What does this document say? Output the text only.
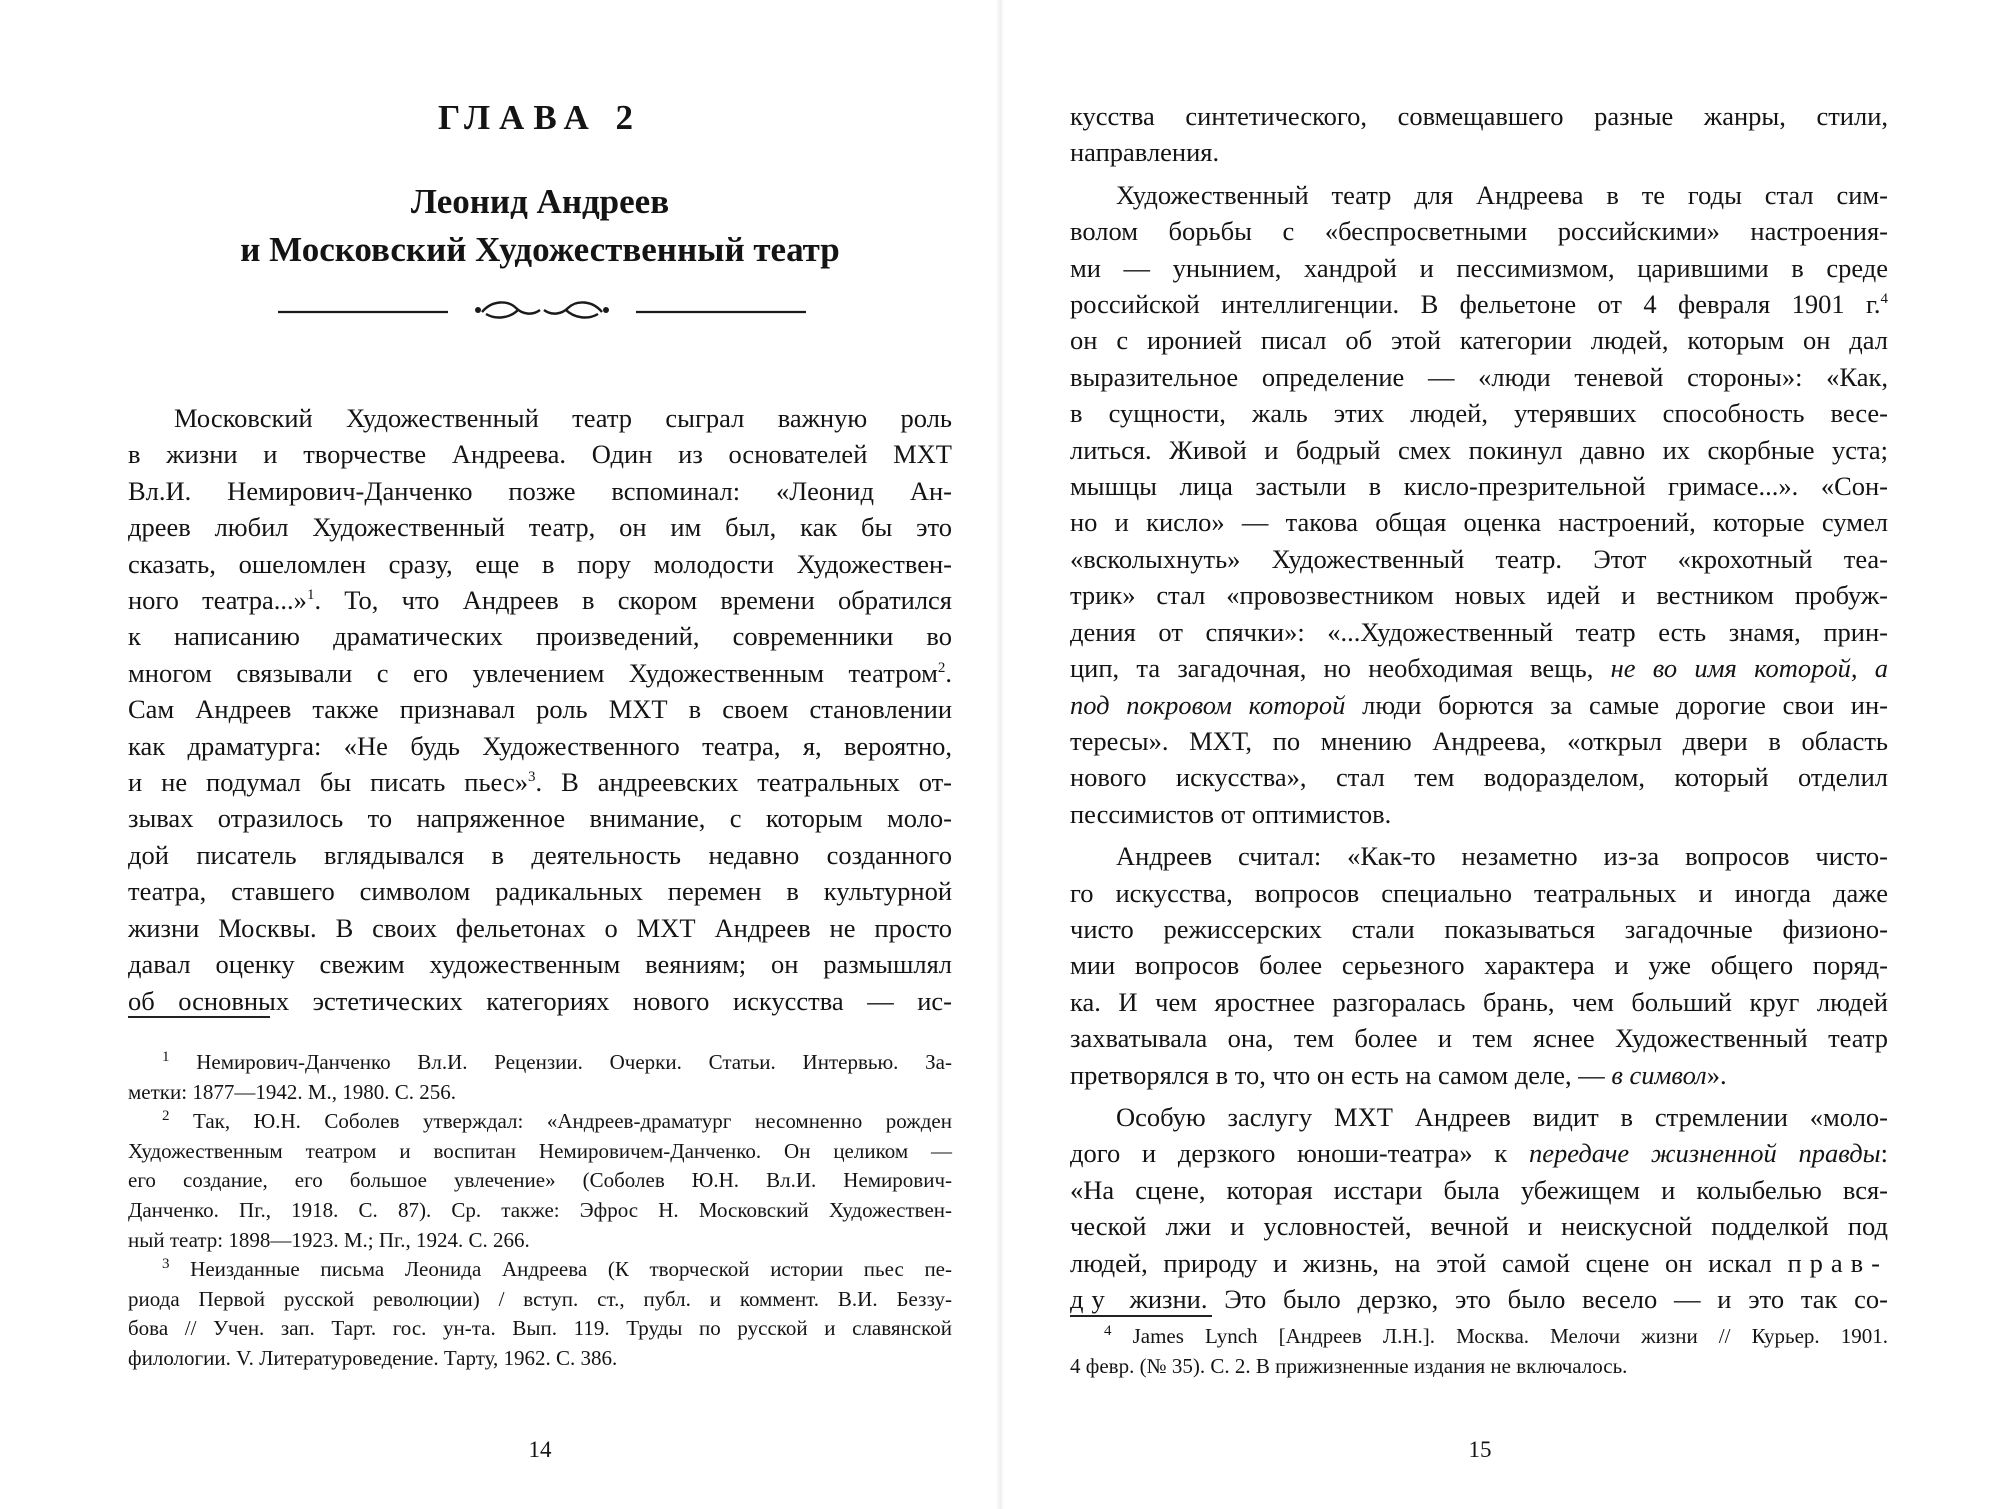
ГЛАВА 2
Леонид Андреев
и Московский Художественный театр

Московский Художественный театр сыграл важную роль

в жизни и творчестве Андреева. Один из основателей МХТ

Вл.И. Немирович-Данченко позже вспоминал: «Леонид Ан-

дреев любил Художественный театр, он им был, как бы это

сказать, ошеломлен сразу, еще в пору молодости Художествен-

ного театра...»$^1$. То, что Андреев в скором времени обратился

к написанию драматических произведений, современники во

многом связывали с его увлечением Художественным театром$^2$.

Сам Андреев также признавал роль МХТ в своем становлении

как драматурга: «Не будь Художественного театра, я, вероятно,

и не подумал бы писать пьес»$^3$. В андреевских театральных от-

зывах отразилось то напряженное внимание, с которым моло-

дой писатель вглядывался в деятельность недавно созданного

театра, ставшего символом радикальных перемен в культурной

жизни Москвы. В своих фельетонах о МХТ Андреев не просто

давал оценку свежим художественным веяниям; он размышлял

об основных эстетических категориях нового искусства — ис-

$^1$ Немирович-Данченко Вл.И. Рецензии. Очерки. Статьи. Интервью. За-

метки: 1877—1942. М., 1980. С. 256.

$^2$ Так, Ю.Н. Соболев утверждал: «Андреев-драматург несомненно рожден

Художественным театром и воспитан Немировичем-Данченко. Он целиком —

его создание, его большое увлечение» (Соболев Ю.Н. Вл.И. Немирович-

Данченко. Пг., 1918. С. 87). Ср. также: Эфрос Н. Московский Художествен-

ный театр: 1898—1923. М.; Пг., 1924. С. 266.

$^3$ Неизданные письма Леонида Андреева (К творческой истории пьес пе-

риода Первой русской революции) / вступ. ст., публ. и коммент. В.И. Беззу-

бова // Учен. зап. Тарт. гос. ун-та. Вып. 119. Труды по русской и славянской

филологии. V. Литературоведение. Тарту, 1962. С. 386.

14

кусства синтетического, совмещавшего разные жанры, стили,

направления.

Художественный театр для Андреева в те годы стал сим-

волом борьбы с «беспросветными российскими» настроения-

ми — унынием, хандрой и пессимизмом, царившими в среде

российской интеллигенции. В фельетоне от 4 февраля 1901 г.$^4$

он с иронией писал об этой категории людей, которым он дал

выразительное определение — «люди теневой стороны»: «Как,

в сущности, жаль этих людей, утерявших способность весе-

литься. Живой и бодрый смех покинул давно их скорбные уста;

мышцы лица застыли в кисло-презрительной гримасе...». «Сон-

но и кисло» — такова общая оценка настроений, которые сумел

«всколыхнуть» Художественный театр. Этот «крохотный теа-

трик» стал «провозвестником новых идей и вестником пробуж-

дения от спячки»: «...Художественный театр есть знамя, прин-

цип, та загадочная, но необходимая вещь, не во имя которой, а

под покровом которой люди борются за самые дорогие свои ин-

тересы». МХТ, по мнению Андреева, «открыл двери в область

нового искусства», стал тем водоразделом, который отделил

пессимистов от оптимистов.

Андреев считал: «Как-то незаметно из-за вопросов чисто-

го искусства, вопросов специально театральных и иногда даже

чисто режиссерских стали показываться загадочные физионо-

мии вопросов более серьезного характера и уже общего поряд-

ка. И чем яростнее разгоралась брань, чем больший круг людей

захватывала она, тем более и тем яснее Художественный театр

претворялся в то, что он есть на самом деле, — в символ».

Особую заслугу МХТ Андреев видит в стремлении «моло-

дого и дерзкого юноши-театра» к передаче жизненной правды:

«На сцене, которая исстари была убежищем и колыбелью вся-

ческой лжи и условностей, вечной и неискусной подделкой под

людей, природу и жизнь, на этой самой сцене он искал прав-

ду жизни. Это было дерзко, это было весело — и это так со-

$^4$ James Lynch [Андреев Л.Н.]. Москва. Мелочи жизни // Курьер. 1901.

4 февр. (№ 35). С. 2. В прижизненные издания не включалось.

15
